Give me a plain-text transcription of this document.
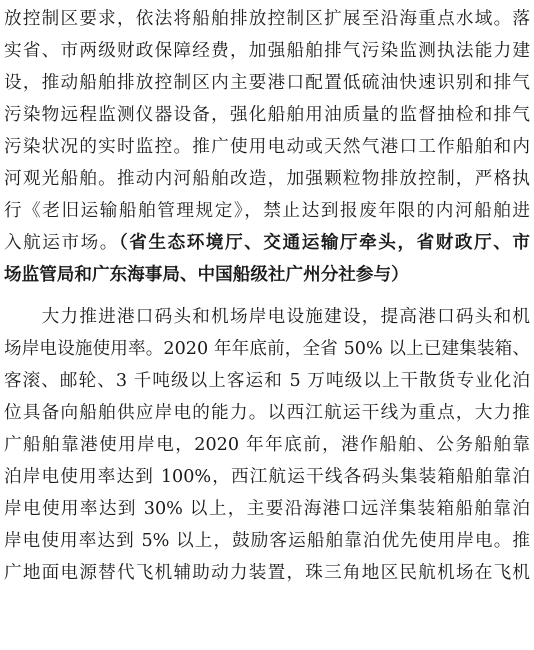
放控制区要求，依法将船舶排放控制区扩展至沿海重点水域。落
实省、市两级财政保障经费，加强船舶排气污染监测执法能力建
设，推动船舶排放控制区内主要港口配置低硫油快速识别和排气
污染物远程监测仪器设备，强化船舶用油质量的监督抽检和排气
污染状况的实时监控。推广使用电动或天然气港口工作船舶和内
河观光船舶。推动内河船舶改造，加强颗粒物排放控制，严格执
行《老旧运输船舶管理规定》，禁止达到报废年限的内河船舶进
入航运市场。（省生态环境厅、交通运输厅牵头，省财政厅、市
场监管局和广东海事局、中国船级社广州分社参与）
　　大力推进港口码头和机场岸电设施建设，提高港口码头和机
场岸电设施使用率。2020 年年底前，全省 50% 以上已建集装箱、
客滚、邮轮、3 千吨级以上客运和 5 万吨级以上干散货专业化泊
位具备向船舶供应岸电的能力。以西江航运干线为重点，大力推
广船舶靠港使用岸电，2020 年年底前，港作船舶、公务船舶靠
泊岸电使用率达到 100%，西江航运干线各码头集装箱船舶靠泊
岸电使用率达到 30% 以上，主要沿海港口远洋集装箱船舶靠泊
岸电使用率达到 5% 以上，鼓励客运船舶靠泊优先使用岸电。推
广地面电源替代飞机辅助动力装置，珠三角地区民航机场在飞机
